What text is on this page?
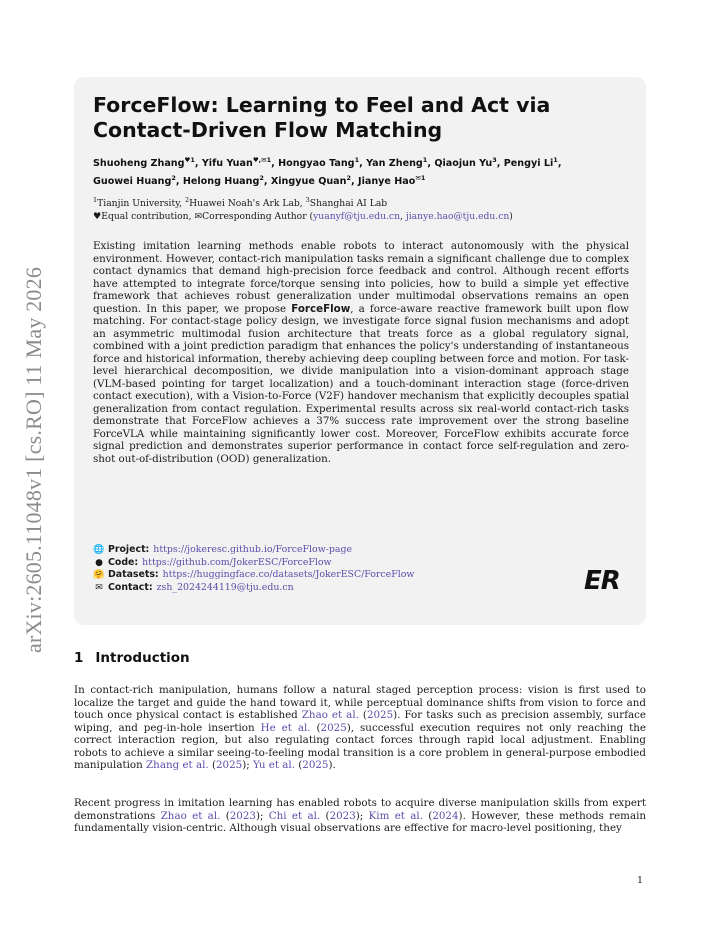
arXiv:2605.11048v1 [cs.RO] 11 May 2026
ForceFlow: Learning to Feel and Act via Contact-Driven Flow Matching
Shuoheng Zhang$^{♥1}$, Yifu Yuan$^{♥,✉1}$, Hongyao Tang$^1$, Yan Zheng$^1$, Qiaojun Yu$^3$, Pengyi Li$^1$,
Guowei Huang$^2$, Helong Huang$^2$, Xingyue Quan$^2$, Jianye Hao$^{✉1}$
$^1$Tianjin University, $^2$Huawei Noah's Ark Lab, $^3$Shanghai AI Lab
♥Equal contribution, ✉Corresponding Author (yuanyf@tju.edu.cn, jianye.hao@tju.edu.cn)

Existing imitation learning methods enable robots to interact autonomously with the physical environment. However, contact-rich manipulation tasks remain a significant challenge due to complex contact dynamics that demand high-precision force feedback and control. Although recent efforts have attempted to integrate force/torque sensing into policies, how to build a simple yet effective framework that achieves robust generalization under multimodal observations remains an open question. In this paper, we propose ForceFlow, a force-aware reactive framework built upon flow matching. For contact-stage policy design, we investigate force signal fusion mechanisms and adopt an asymmetric multimodal fusion architecture that treats force as a global regulatory signal, combined with a joint prediction paradigm that enhances the policy's understanding of instantaneous force and historical information, thereby achieving deep coupling between force and motion. For task-level hierarchical decomposition, we divide manipulation into a vision-dominant approach stage (VLM-based pointing for target localization) and a touch-dominant interaction stage (force-driven contact execution), with a Vision-to-Force (V2F) handover mechanism that explicitly decouples spatial generalization from contact regulation. Experimental results across six real-world contact-rich tasks demonstrate that ForceFlow achieves a 37% success rate improvement over the strong baseline ForceVLA while maintaining significantly lower cost. Moreover, ForceFlow exhibits accurate force signal prediction and demonstrates superior performance in contact force self-regulation and zero-shot out-of-distribution (OOD) generalization.

🌐 Project: https://jokeresc.github.io/ForceFlow-page
● Code: https://github.com/JokerESC/ForceFlow
🤗 Datasets: https://huggingface.co/datasets/JokerESC/ForceFlow
✉ Contact: zsh_2024244119@tju.edu.cn	ER
1 Introduction

In contact-rich manipulation, humans follow a natural staged perception process: vision is first used to localize the target and guide the hand toward it, while perceptual dominance shifts from vision to force and touch once physical contact is established Zhao et al. (2025). For tasks such as precision assembly, surface wiping, and peg-in-hole insertion He et al. (2025), successful execution requires not only reaching the correct interaction region, but also regulating contact forces through rapid local adjustment. Enabling robots to achieve a similar seeing-to-feeling modal transition is a core problem in general-purpose embodied manipulation Zhang et al. (2025); Yu et al. (2025).

Recent progress in imitation learning has enabled robots to acquire diverse manipulation skills from expert demonstrations Zhao et al. (2023); Chi et al. (2023); Kim et al. (2024). However, these methods remain fundamentally vision-centric. Although visual observations are effective for macro-level positioning, they

1
